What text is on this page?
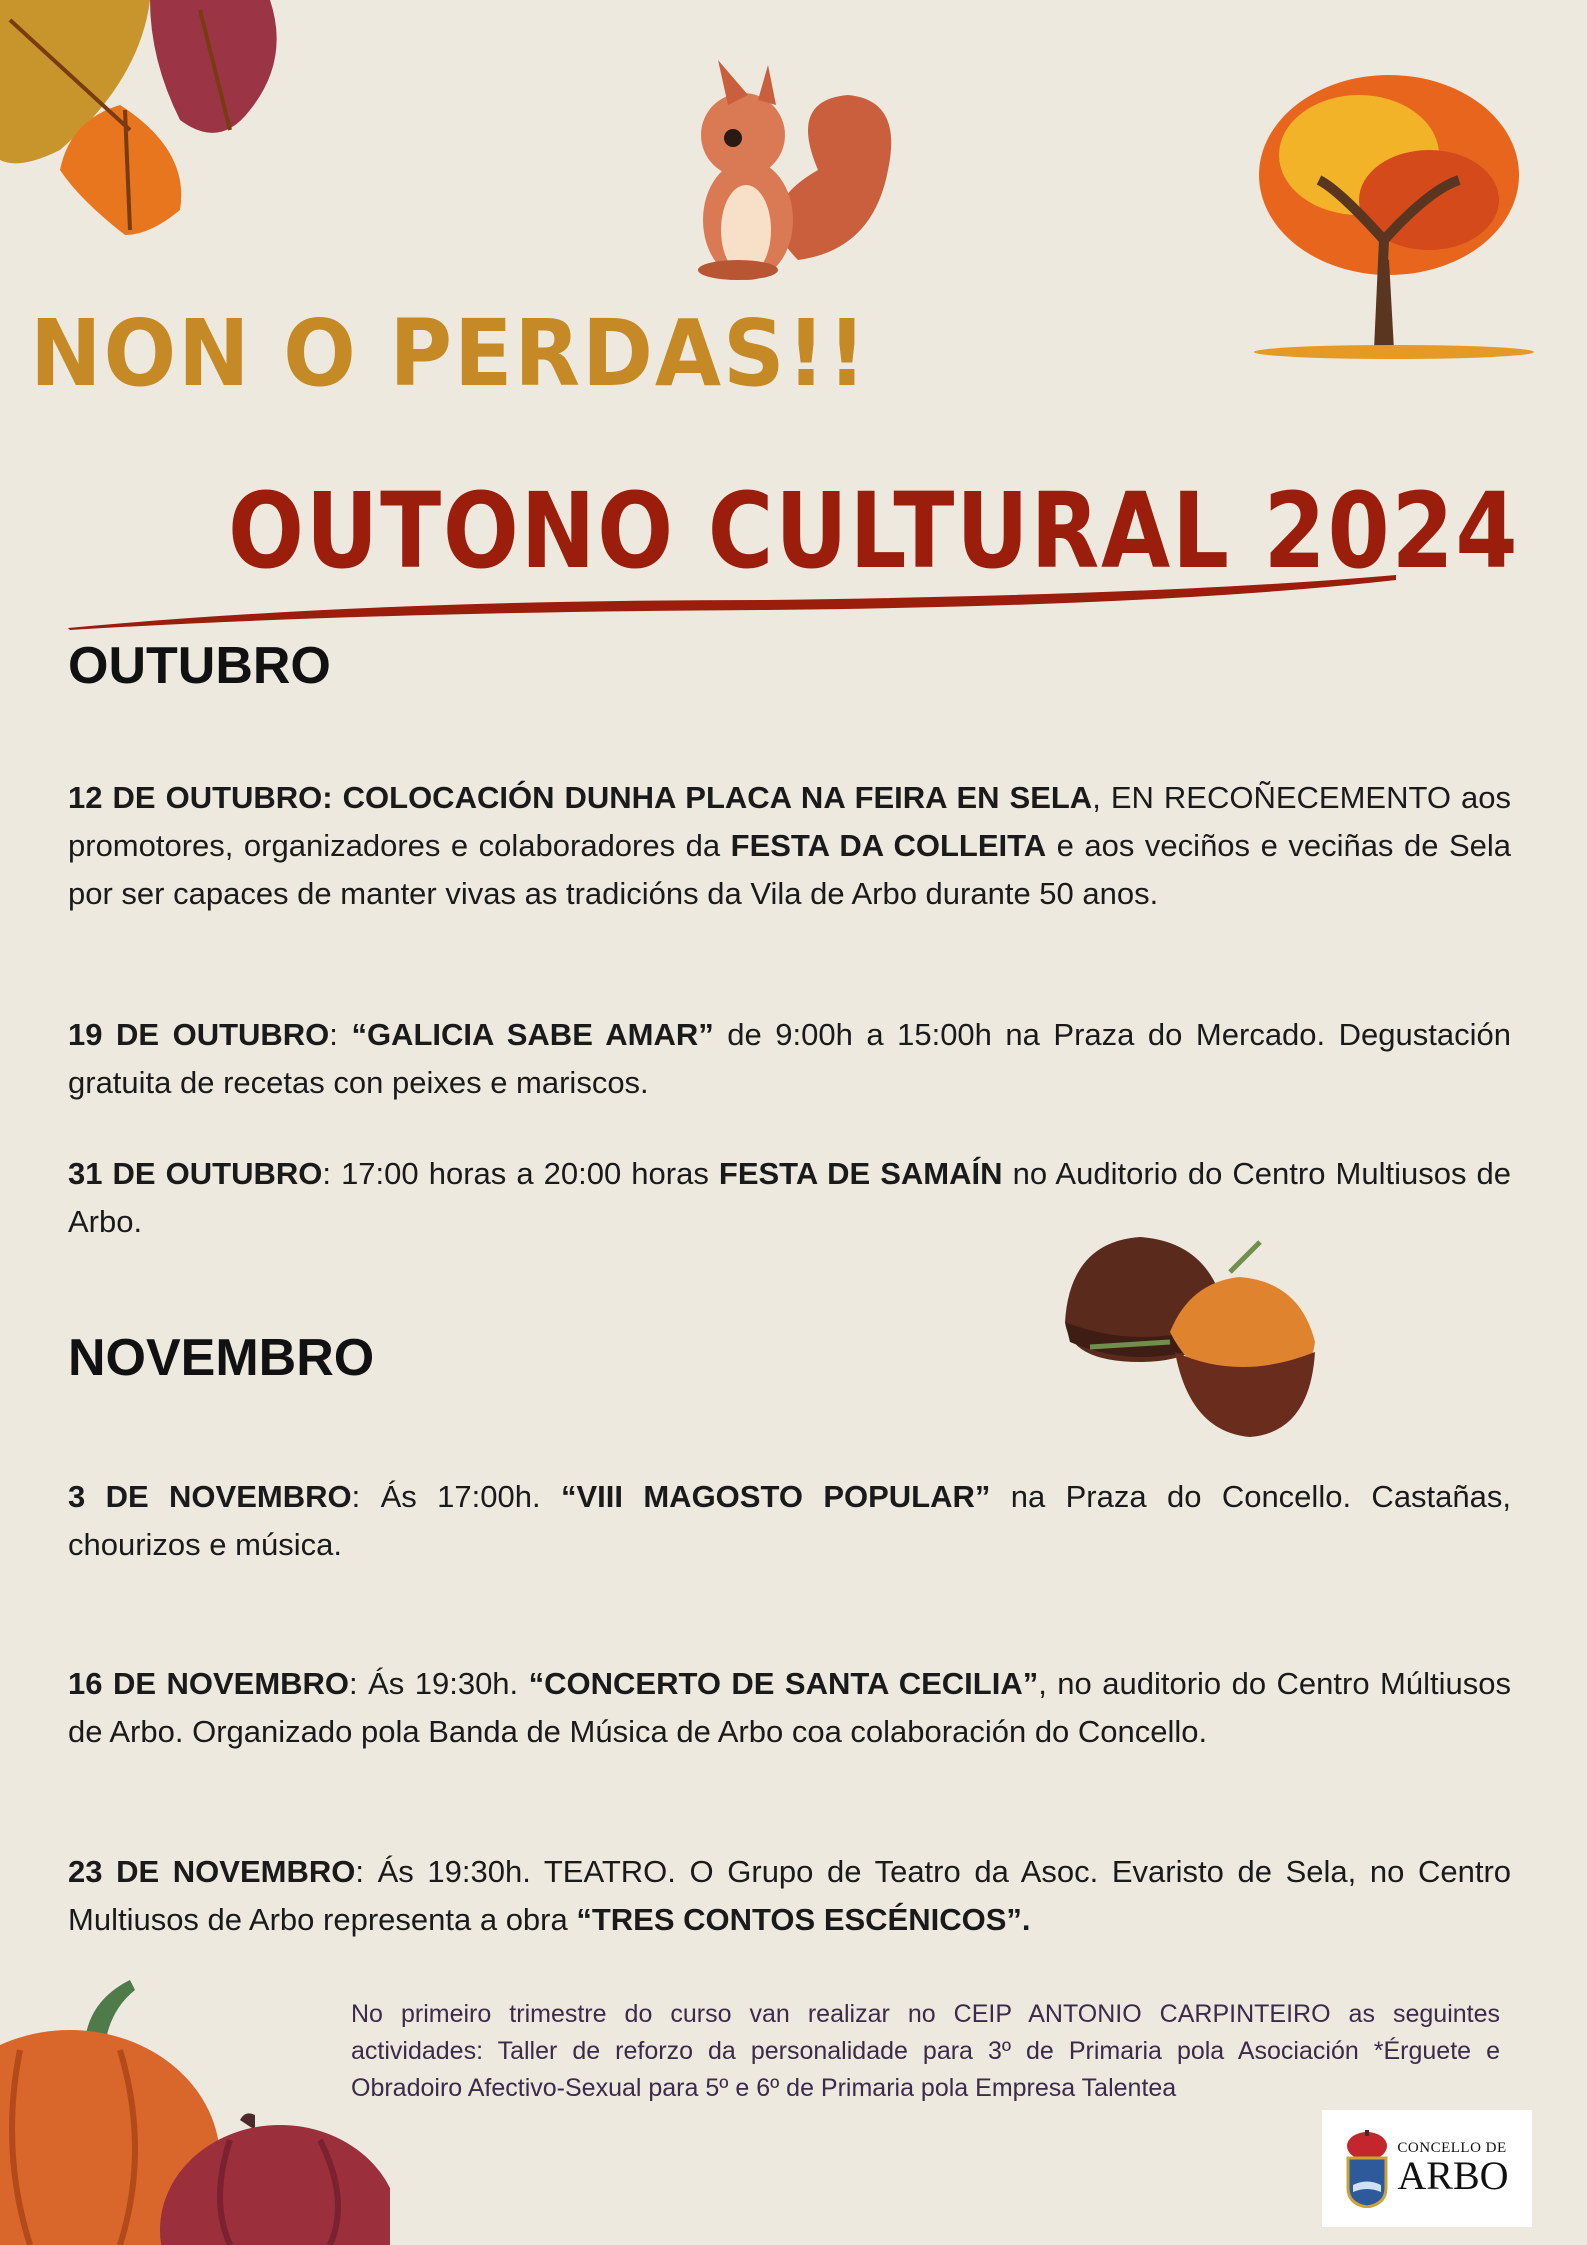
NON O PERDAS!!
OUTONO CULTURAL 2024
OUTUBRO

12 DE OUTUBRO: COLOCACIÓN DUNHA PLACA NA FEIRA EN SELA, EN RECOÑECEMENTO aos promotores, organizadores e colaboradores da FESTA DA COLLEITA e aos veciños e veciñas de Sela por ser capaces de manter vivas as tradicións da Vila de Arbo durante 50 anos.

19 DE OUTUBRO: “GALICIA SABE AMAR” de 9:00h a 15:00h na Praza do Mercado. Degustación gratuita de recetas con peixes e mariscos.

31 DE OUTUBRO: 17:00 horas a 20:00 horas FESTA DE SAMAÍN no Auditorio do Centro Multiusos de Arbo.

NOVEMBRO

3 DE NOVEMBRO: Ás 17:00h. “VIII MAGOSTO POPULAR” na Praza do Concello. Castañas, chourizos e música.

16 DE NOVEMBRO: Ás 19:30h. “CONCERTO DE SANTA CECILIA”, no auditorio do Centro Múltiusos de Arbo. Organizado pola Banda de Música de Arbo coa colaboración do Concello.

23 DE NOVEMBRO: Ás 19:30h. TEATRO. O Grupo de Teatro da Asoc. Evaristo de Sela, no Centro Multiusos de Arbo representa a obra “TRES CONTOS ESCÉNICOS”.

No primeiro trimestre do curso van realizar no CEIP ANTONIO CARPINTEIRO as seguintes actividades: Taller de reforzo da personalidade para 3º de Primaria pola Asociación *Érguete e Obradoiro Afectivo-Sexual para 5º e 6º de Primaria pola Empresa Talentea

CONCELLO DE
ARBO
